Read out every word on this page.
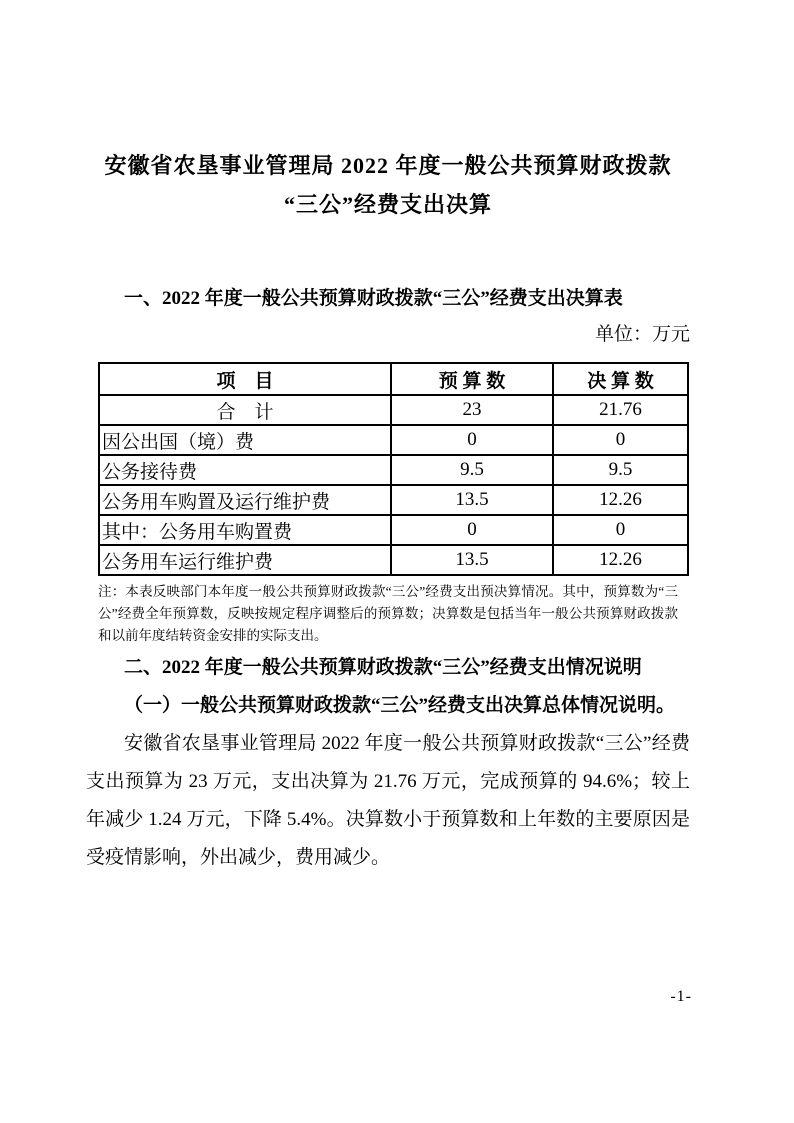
安徽省农垦事业管理局 2022 年度一般公共预算财政拨款
“三公”经费支出决算

一、2022 年度一般公共预算财政拨款“三公”经费支出决算表

单位：万元
项　目	预 算 数	决 算 数
合　计	23	21.76
因公出国（境）费	0	0
公务接待费	9.5	9.5
公务用车购置及运行维护费	13.5	12.26
其中：公务用车购置费	0	0
公务用车运行维护费	13.5	12.26
注：本表反映部门本年度一般公共预算财政拨款“三公”经费支出预决算情况。其中，预算数为“三公”经费全年预算数，反映按规定程序调整后的预算数；决算数是包括当年一般公共预算财政拨款和以前年度结转资金安排的实际支出。

二、2022 年度一般公共预算财政拨款“三公”经费支出情况说明

（一）一般公共预算财政拨款“三公”经费支出决算总体情况说明。

安徽省农垦事业管理局 2022 年度一般公共预算财政拨款“三公”经费支出预算为 23 万元，支出决算为 21.76 万元，完成预算的 94.6%；较上年减少 1.24 万元，下降 5.4%。决算数小于预算数和上年数的主要原因是受疫情影响，外出减少，费用减少。

-1-
